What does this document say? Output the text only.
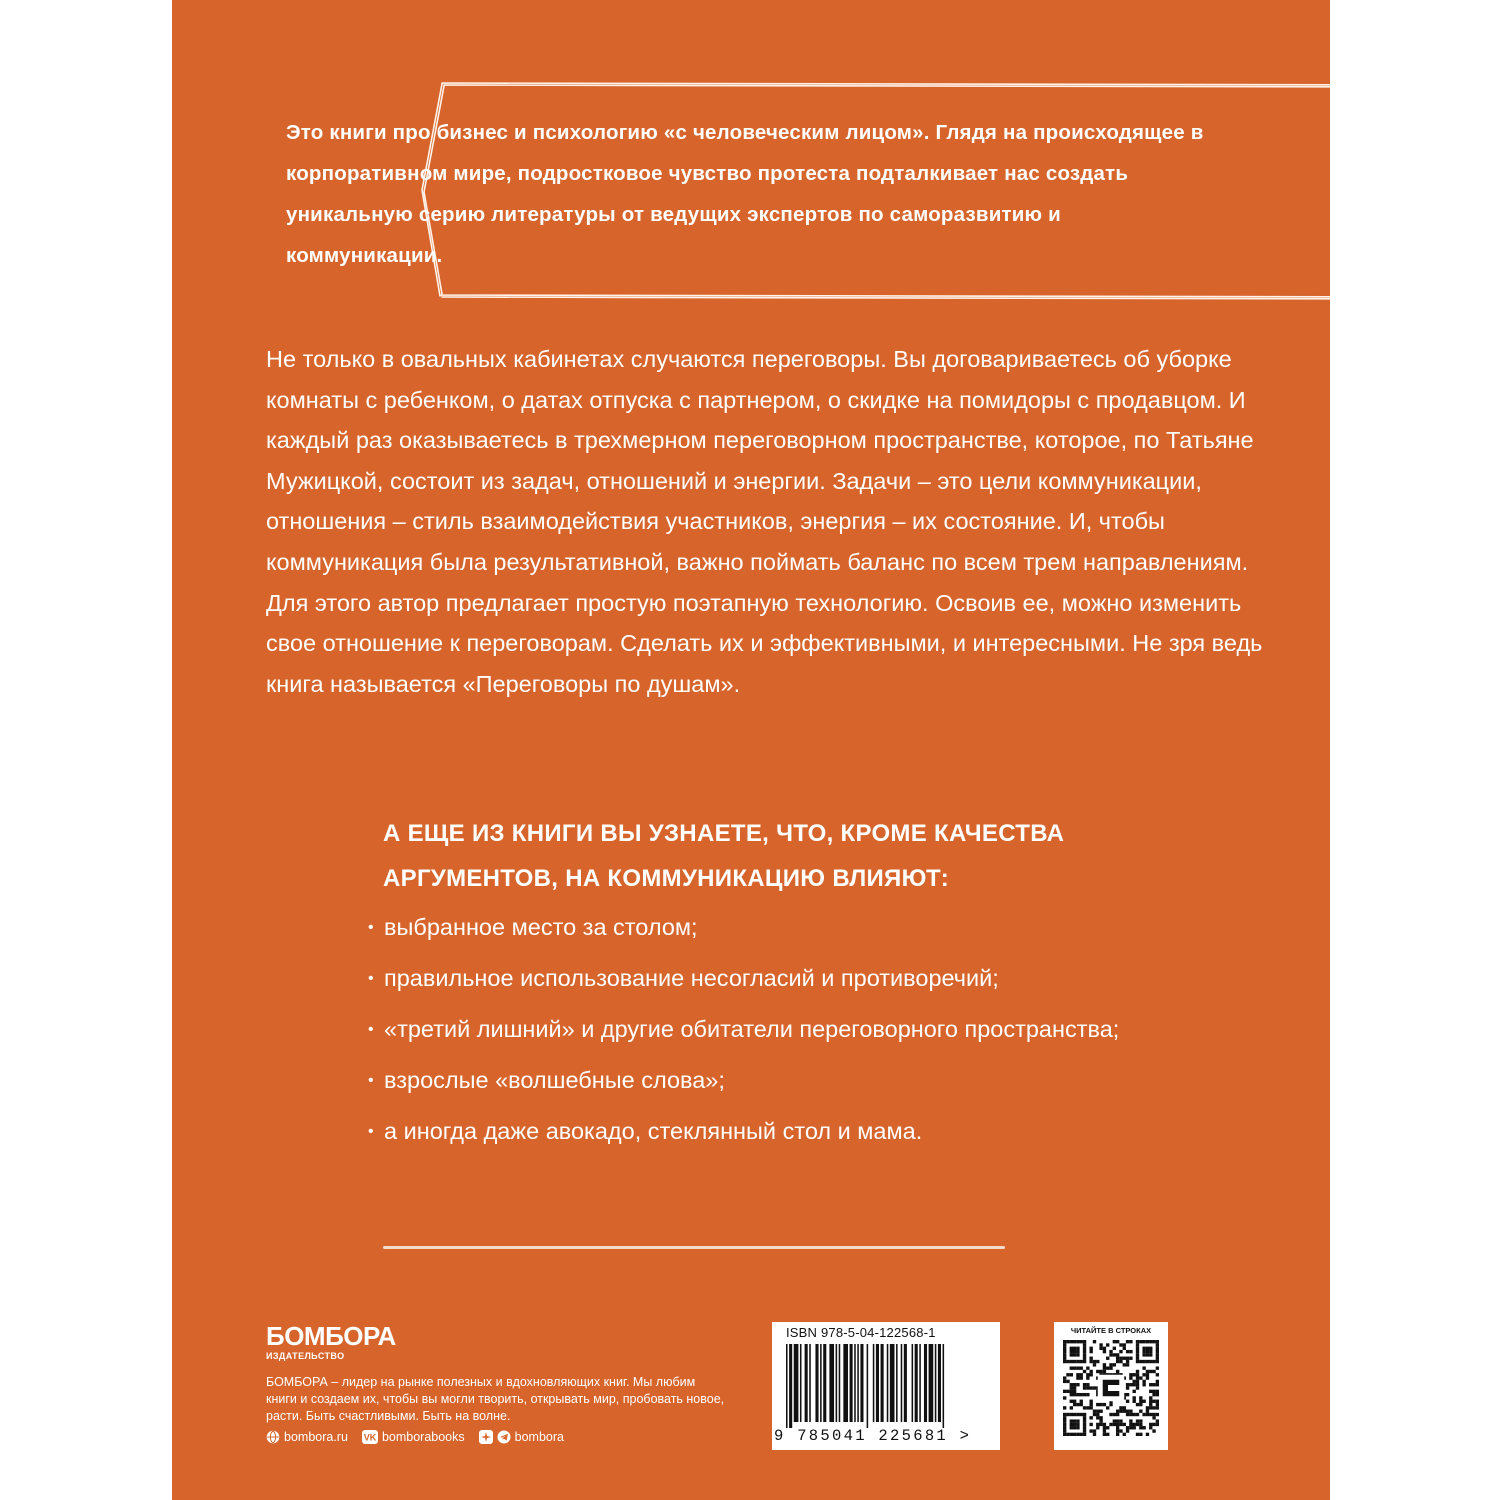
Это книги про бизнес и психологию «с человеческим лицом». Глядя на происходящее в корпоративном мире, подростковое чувство протеста подталкивает нас создать уникальную серию литературы от ведущих экспертов по саморазвитию и коммуникации.

Не только в овальных кабинетах случаются переговоры. Вы договариваетесь об уборке комнаты с ребенком, о датах отпуска с партнером, о скидке на помидоры с продавцом. И каждый раз оказываетесь в трехмерном переговорном пространстве, которое, по Татьяне Мужицкой, состоит из задач, отношений и энергии. Задачи – это цели коммуникации, отношения – стиль взаимодействия участников, энергия – их состояние. И, чтобы коммуникация была результативной, важно поймать баланс по всем трем направлениям. Для этого автор предлагает простую поэтапную технологию. Освоив ее, можно изменить свое отношение к переговорам. Сделать их и эффективными, и интересными. Не зря ведь книга называется «Переговоры по душам».

А ЕЩЕ ИЗ КНИГИ ВЫ УЗНАЕТЕ, ЧТО, КРОМЕ КАЧЕСТВА АРГУМЕНТОВ, НА КОММУНИКАЦИЮ ВЛИЯЮТ:

• выбранное место за столом;
• правильное использование несогласий и противоречий;
• «третий лишний» и другие обитатели переговорного пространства;
• взрослые «волшебные слова»;
• а иногда даже авокадо, стеклянный стол и мама.
БОМБОРА
ИЗДАТЕЛЬСТВО

БОМБОРА – лидер на рынке полезных и вдохновляющих книг. Мы любим книги и создаем их, чтобы вы могли творить, открывать мир, пробовать новое, расти. Быть счастливыми. Быть на волне.

bombora.ru VK bomborabooks	bombora
ISBN 978-5-04-122568-1
9 785041 225681 >
ЧИТАЙТЕ В СТРОКАХ
